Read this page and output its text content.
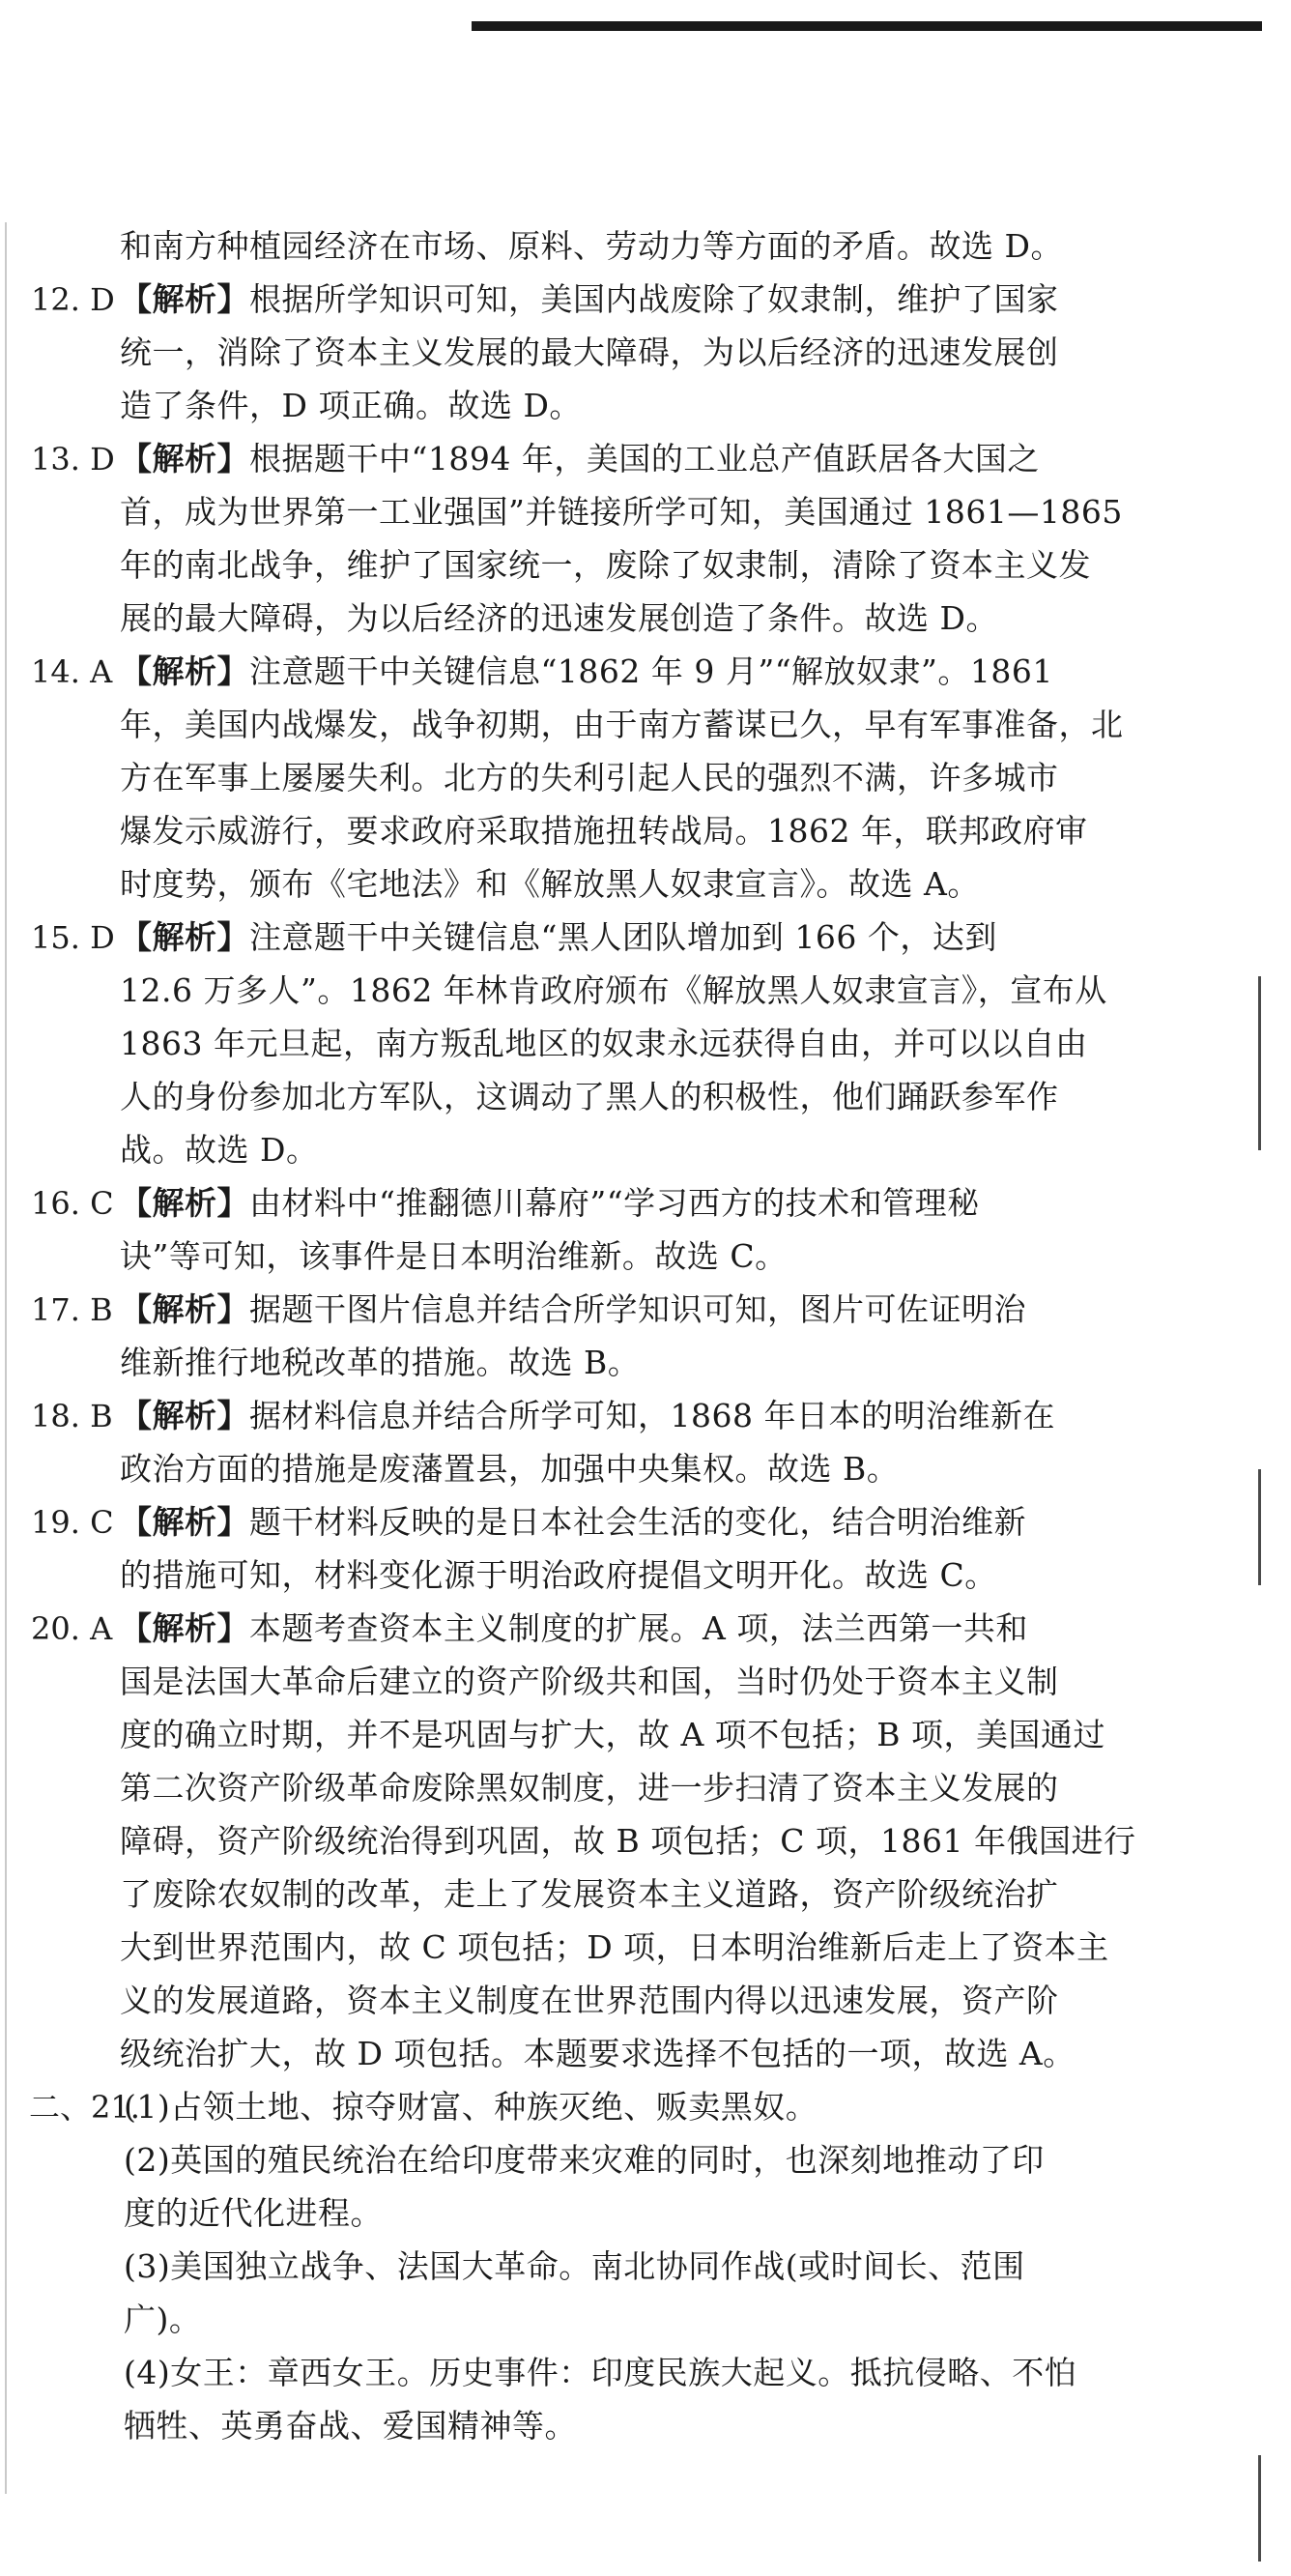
和南方种植园经济在市场、原料、劳动力等方面的矛盾。故选 D。
12. D 【解析】根据所学知识可知，美国内战废除了奴隶制，维护了国家
统一，消除了资本主义发展的最大障碍，为以后经济的迅速发展创
造了条件，D 项正确。故选 D。
13. D 【解析】根据题干中“1894 年，美国的工业总产值跃居各大国之
首，成为世界第一工业强国”并链接所学可知，美国通过 1861—1865
年的南北战争，维护了国家统一，废除了奴隶制，清除了资本主义发
展的最大障碍，为以后经济的迅速发展创造了条件。故选 D。
14. A 【解析】注意题干中关键信息“1862 年 9 月”“解放奴隶”。1861
年，美国内战爆发，战争初期，由于南方蓄谋已久，早有军事准备，北
方在军事上屡屡失利。北方的失利引起人民的强烈不满，许多城市
爆发示威游行，要求政府采取措施扭转战局。1862 年，联邦政府审
时度势，颁布《宅地法》和《解放黑人奴隶宣言》。故选 A。
15. D 【解析】注意题干中关键信息“黑人团队增加到 166 个，达到
12.6 万多人”。1862 年林肯政府颁布《解放黑人奴隶宣言》，宣布从
1863 年元旦起，南方叛乱地区的奴隶永远获得自由，并可以以自由
人的身份参加北方军队，这调动了黑人的积极性，他们踊跃参军作
战。故选 D。
16. C 【解析】由材料中“推翻德川幕府”“学习西方的技术和管理秘
诀”等可知，该事件是日本明治维新。故选 C。
17. B 【解析】据题干图片信息并结合所学知识可知，图片可佐证明治
维新推行地税改革的措施。故选 B。
18. B 【解析】据材料信息并结合所学可知，1868 年日本的明治维新在
政治方面的措施是废藩置县，加强中央集权。故选 B。
19. C 【解析】题干材料反映的是日本社会生活的变化，结合明治维新
的措施可知，材料变化源于明治政府提倡文明开化。故选 C。
20. A 【解析】本题考查资本主义制度的扩展。A 项，法兰西第一共和
国是法国大革命后建立的资产阶级共和国，当时仍处于资本主义制
度的确立时期，并不是巩固与扩大，故 A 项不包括；B 项，美国通过
第二次资产阶级革命废除黑奴制度，进一步扫清了资本主义发展的
障碍，资产阶级统治得到巩固，故 B 项包括；C 项，1861 年俄国进行
了废除农奴制的改革，走上了发展资本主义道路，资产阶级统治扩
大到世界范围内，故 C 项包括；D 项，日本明治维新后走上了资本主
义的发展道路，资本主义制度在世界范围内得以迅速发展，资产阶
级统治扩大，故 D 项包括。本题要求选择不包括的一项，故选 A。
二、21.
(1)占领土地、掠夺财富、种族灭绝、贩卖黑奴。
(2)英国的殖民统治在给印度带来灾难的同时，也深刻地推动了印
度的近代化进程。
(3)美国独立战争、法国大革命。南北协同作战(或时间长、范围
广)。
(4)女王：章西女王。历史事件：印度民族大起义。抵抗侵略、不怕
牺牲、英勇奋战、爱国精神等。
